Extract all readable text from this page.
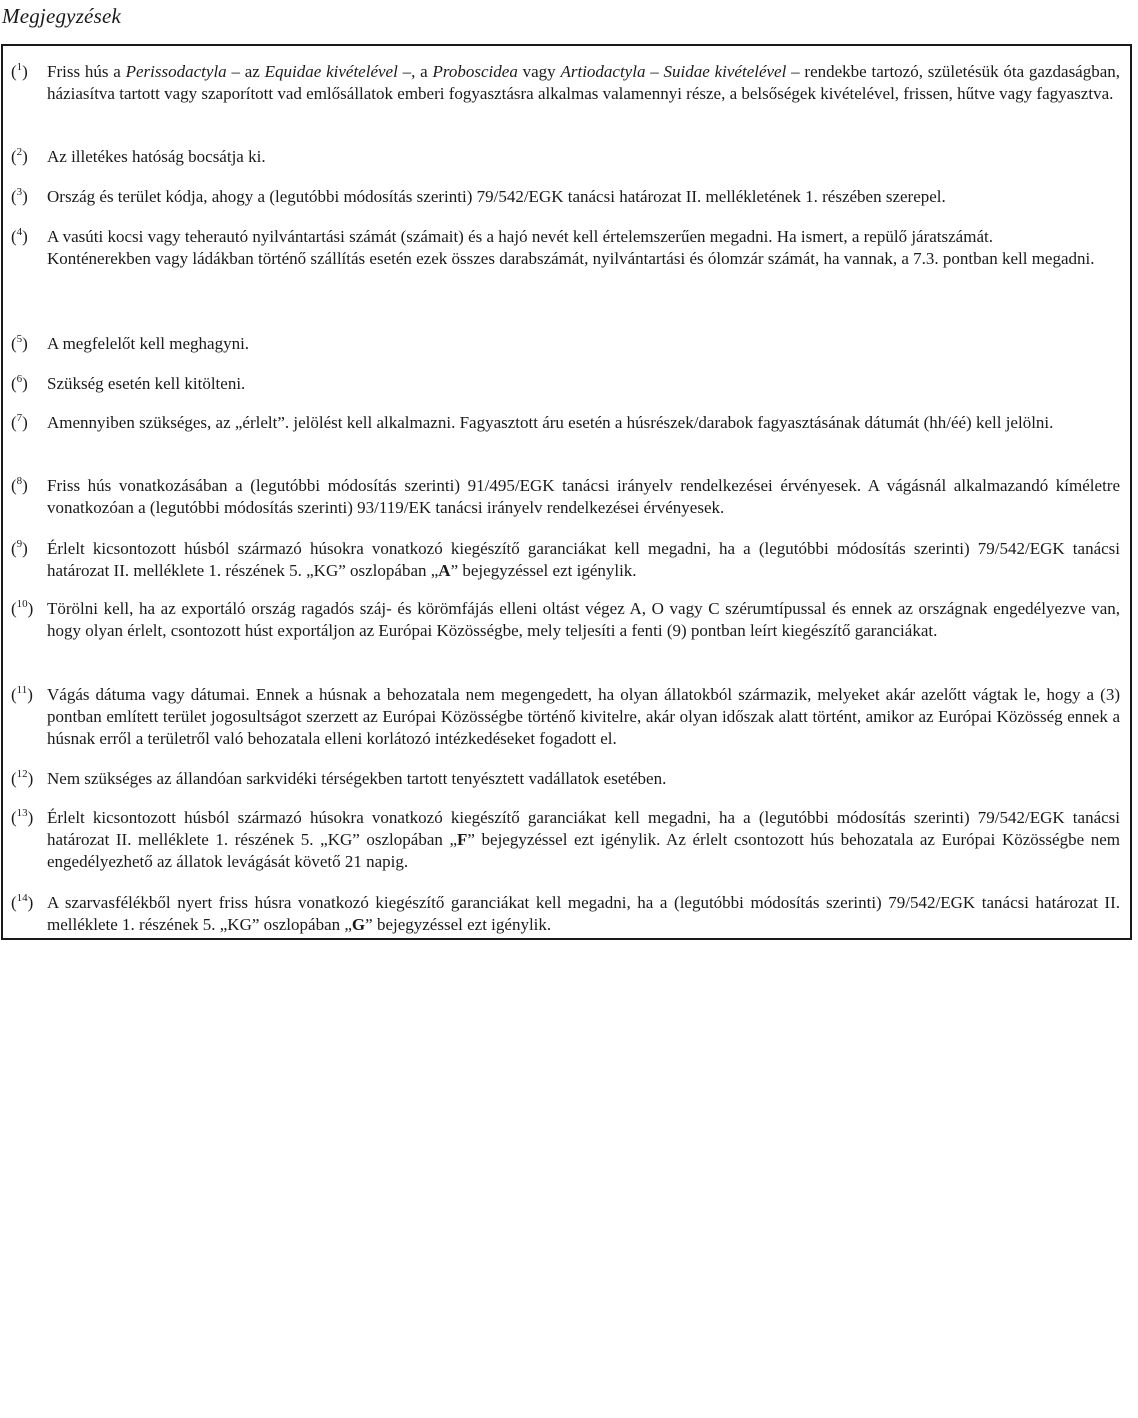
Megjegyzések
($^1$) Friss hús a Perissodactyla – az Equidae kivételével –, a Proboscidea vagy Artiodactyla – Suidae kivételével – rendekbe tartozó, születésük óta gazdaságban, háziasítva tartott vagy szaporított vad emlősállatok emberi fogyasztásra alkalmas valamennyi része, a belsőségek kivételével, frissen, hűtve vagy fagyasztva.

($^2$) Az illetékes hatóság bocsátja ki.

($^3$) Ország és terület kódja, ahogy a (legutóbbi módosítás szerinti) 79/542/EGK tanácsi határozat II. mellékletének 1. részében szerepel.

($^4$) A vasúti kocsi vagy teherautó nyilvántartási számát (számait) és a hajó nevét kell értelemszerűen megadni. Ha ismert, a repülő járatszámát.

Konténerekben vagy ládákban történő szállítás esetén ezek összes darabszámát, nyilvántartási és ólomzár számát, ha vannak, a 7.3. pontban kell megadni.

($^5$) A megfelelőt kell meghagyni.

($^6$) Szükség esetén kell kitölteni.

($^7$) Amennyiben szükséges, az „érlelt”. jelölést kell alkalmazni. Fagyasztott áru esetén a húsrészek/darabok fagyasztásának dátumát (hh/éé) kell jelölni.

($^8$) Friss hús vonatkozásában a (legutóbbi módosítás szerinti) 91/495/EGK tanácsi irányelv rendelkezései érvényesek. A vágásnál alkalmazandó kíméletre vonatkozóan a (legutóbbi módosítás szerinti) 93/119/EK tanácsi irányelv rendelkezései érvényesek.

($^9$) Érlelt kicsontozott húsból származó húsokra vonatkozó kiegészítő garanciákat kell megadni, ha a (legutóbbi módosítás szerinti) 79/542/EGK tanácsi határozat II. melléklete 1. részének 5. „KG” oszlopában „A” bejegyzéssel ezt igénylik.

($^{10}$) Törölni kell, ha az exportáló ország ragadós száj- és körömfájás elleni oltást végez A, O vagy C szérumtípussal és ennek az országnak engedélyezve van, hogy olyan érlelt, csontozott húst exportáljon az Európai Közösségbe, mely teljesíti a fenti (9) pontban leírt kiegészítő garanciákat.

($^{11}$) Vágás dátuma vagy dátumai. Ennek a húsnak a behozatala nem megengedett, ha olyan állatokból származik, melyeket akár azelőtt vágtak le, hogy a (3) pontban említett terület jogosultságot szerzett az Európai Közösségbe történő kivitelre, akár olyan időszak alatt történt, amikor az Európai Közösség ennek a húsnak erről a területről való behozatala elleni korlátozó intézkedéseket fogadott el.

($^{12}$) Nem szükséges az állandóan sarkvidéki térségekben tartott tenyésztett vadállatok esetében.

($^{13}$) Érlelt kicsontozott húsból származó húsokra vonatkozó kiegészítő garanciákat kell megadni, ha a (legutóbbi módosítás szerinti) 79/542/EGK tanácsi határozat II. melléklete 1. részének 5. „KG” oszlopában „F” bejegyzéssel ezt igénylik. Az érlelt csontozott hús behozatala az Európai Közösségbe nem engedélyezhető az állatok levágását követő 21 napig.

($^{14}$) A szarvasfélékből nyert friss húsra vonatkozó kiegészítő garanciákat kell megadni, ha a (legutóbbi módosítás szerinti) 79/542/EGK tanácsi határozat II. melléklete 1. részének 5. „KG” oszlopában „G” bejegyzéssel ezt igénylik.
